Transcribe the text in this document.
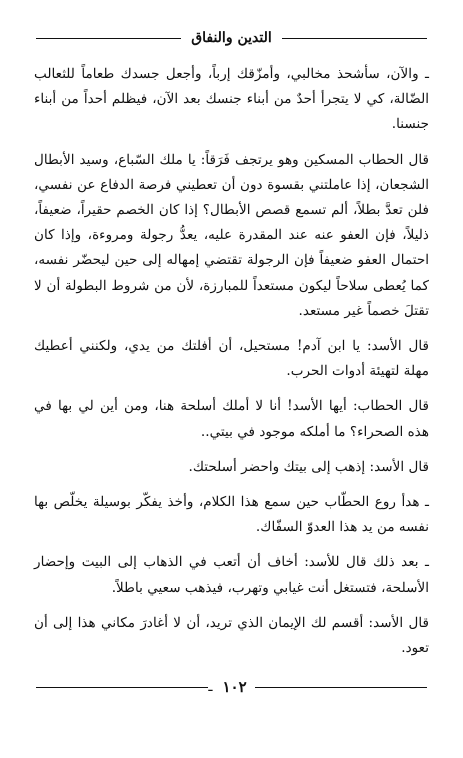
التدين والنفاق

ـ والآن، سأشحذ مخالبي، وأمزّقك إرباً، وأجعل جسدك طعاماً للثعالب الضّالة، كي لا يتجرأ أحدٌ من أبناء جنسك بعد الآن، فيظلم أحداً من أبناء جنسنا.

قال الحطاب المسكين وهو يرتجف فَرَقاً: يا ملك السّباع، وسيد الأبطال الشجعان، إذا عاملتني بقسوة دون أن تعطيني فرصة الدفاع عن نفسي، فلن تعدَّ بطلاً، ألم تسمع قصص الأبطال؟ إذا كان الخصم حقيراً، ضعيفاً، ذليلاً، فإن العفو عنه عند المقدرة عليه، يعدُّ رجولة ومروءة، وإذا كان احتمال العفو ضعيفاً فإن الرجولة تقتضي إمهاله إلى حين ليحضّر نفسه، كما يُعطى سلاحاً ليكون مستعداً للمبارزة، لأن من شروط البطولة أن لا تقتلَ خصماً غير مستعد.

قال الأسد: يا ابن آدم! مستحيل، أن أفلتك من يدي، ولكنني أعطيك مهلة لتهيئة أدوات الحرب.

قال الحطاب: أيها الأسد! أنا لا أملك أسلحة هنا، ومن أين لي بها في هذه الصحراء؟ ما أملكه موجود في بيتي..

قال الأسد: إذهب إلى بيتك واحضر أسلحتك.

ـ هدأ روع الحطّاب حين سمع هذا الكلام، وأخذ يفكّر بوسيلة يخلّص بها نفسه من يد هذا العدوّ السفّاك.

ـ بعد ذلك قال للأسد: أخاف أن أتعب في الذهاب إلى البيت وإحضار الأسلحة، فتستغل أنت غيابي وتهرب، فيذهب سعيي باطلاً.

قال الأسد: أقسم لك الإيمان الذي تريد، أن لا أغادرَ مكاني هذا إلى أن تعود.

١٠٢
ـ
